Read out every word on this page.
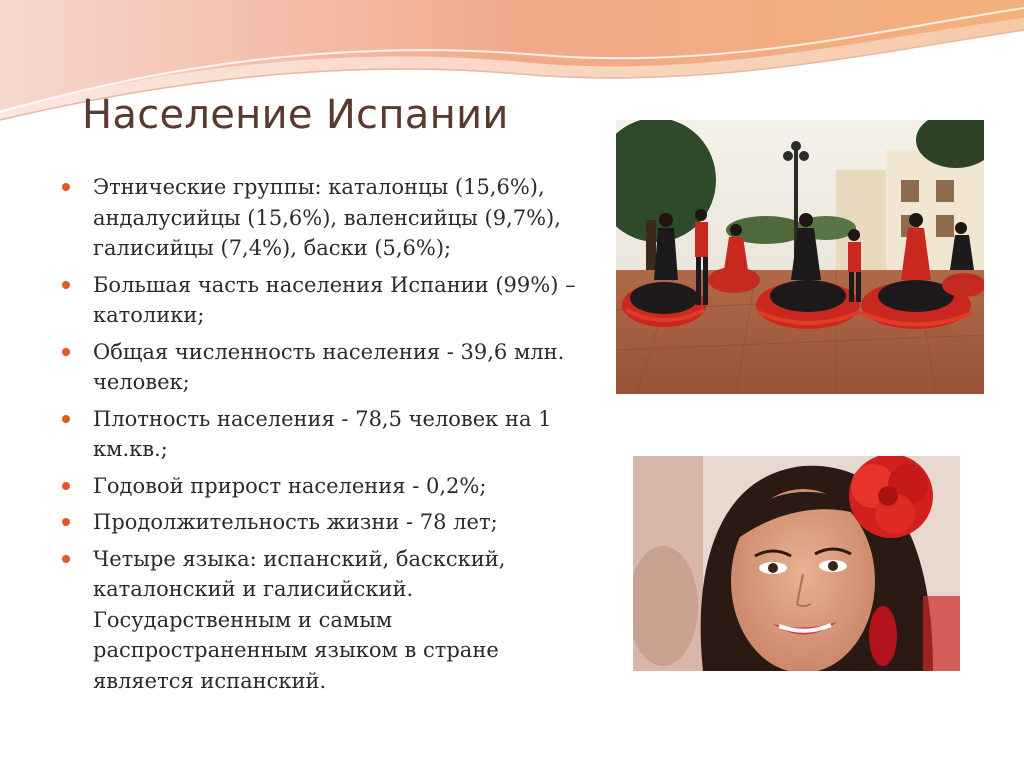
Население Испании
Этнические группы: каталонцы (15,6%), андалусийцы (15,6%), валенсийцы (9,7%), галисийцы (7,4%), баски (5,6%);
Большая часть населения Испании (99%) – католики;
Общая численность населения - 39,6 млн. человек;
Плотность населения - 78,5 человек на 1 км.кв.;
Годовой прирост населения - 0,2%;
Продолжительность жизни - 78 лет;
Четыре языка: испанский, баскский, каталонский и галисийский. Государственным и самым распространенным языком в стране является испанский.
